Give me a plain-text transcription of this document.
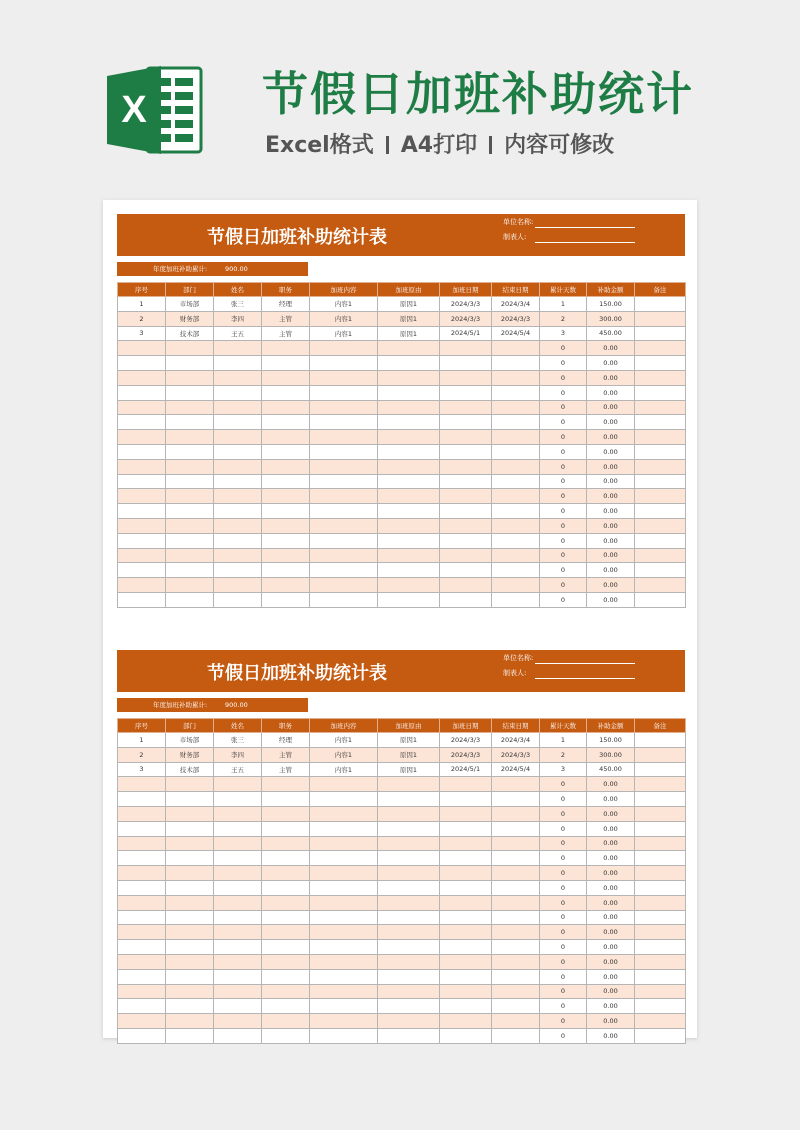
X	节假日加班补助统计
Excel格式 A4打印 内容可修改
节假日加班补助统计表
单位名称:
制表人:
年度加班补助累计:	900.00
序号	部门	姓名	职务	加班内容	加班原由	加班日期	结束日期	累计天数	补助金额	备注
1	市场部	张三	经理	内容1	原因1	2024/3/3	2024/3/4	1	150.00	
2	财务部	李四	主管	内容1	原因1	2024/3/3	2024/3/3	2	300.00	
3	技术部	王五	主管	内容1	原因1	2024/5/1	2024/5/4	3	450.00	
								0	0.00	
								0	0.00	
								0	0.00	
								0	0.00	
								0	0.00	
								0	0.00	
								0	0.00	
								0	0.00	
								0	0.00	
								0	0.00	
								0	0.00	
								0	0.00	
								0	0.00	
								0	0.00	
								0	0.00	
								0	0.00	
								0	0.00	
								0	0.00	
节假日加班补助统计表
单位名称:
制表人:
年度加班补助累计:	900.00
序号	部门	姓名	职务	加班内容	加班原由	加班日期	结束日期	累计天数	补助金额	备注
1	市场部	张三	经理	内容1	原因1	2024/3/3	2024/3/4	1	150.00	
2	财务部	李四	主管	内容1	原因1	2024/3/3	2024/3/3	2	300.00	
3	技术部	王五	主管	内容1	原因1	2024/5/1	2024/5/4	3	450.00	
								0	0.00	
								0	0.00	
								0	0.00	
								0	0.00	
								0	0.00	
								0	0.00	
								0	0.00	
								0	0.00	
								0	0.00	
								0	0.00	
								0	0.00	
								0	0.00	
								0	0.00	
								0	0.00	
								0	0.00	
								0	0.00	
								0	0.00	
								0	0.00	
